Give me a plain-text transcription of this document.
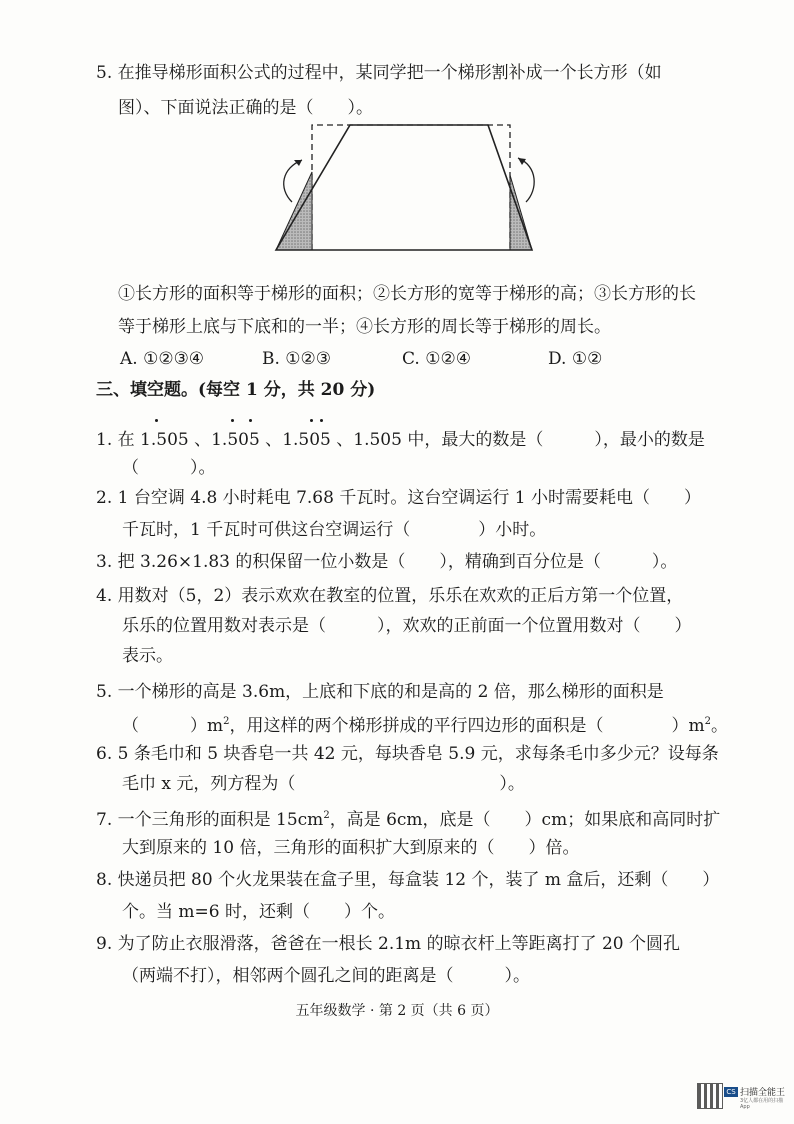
5. 在推导梯形面积公式的过程中，某同学把一个梯形割补成一个长方形（如
图）、下面说法正确的是（　　）。
①长方形的面积等于梯形的面积；②长方形的宽等于梯形的高；③长方形的长
等于梯形上底与下底和的一半；④长方形的周长等于梯形的周长。
A. ①②③④	B. ①②③	C. ①②④	D. ①②
三、填空题。(每空 1 分，共 20 分)
1. 在 1.505
、1.505
、1.505
、1.505 中，最大的数是（　　　），最小的数是
（　　　）。
2. 1 台空调 4.8 小时耗电 7.68 千瓦时。这台空调运行 1 小时需要耗电（　　）
千瓦时，1 千瓦时可供这台空调运行（　　　　）小时。
3. 把 3.26×1.83 的积保留一位小数是（　　），精确到百分位是（　　　）。
4. 用数对（5，2）表示欢欢在教室的位置，乐乐在欢欢的正后方第一个位置，
乐乐的位置用数对表示是（　　　），欢欢的正前面一个位置用数对（　　）
表示。
5. 一个梯形的高是 3.6m，上底和下底的和是高的 2 倍，那么梯形的面积是
（　　　）$m^2$，用这样的两个梯形拼成的平行四边形的面积是（　　　　）$m^2$。
6. 5 条毛巾和 5 块香皂一共 42 元，每块香皂 5.9 元，求每条毛巾多少元？设每条
毛巾 x 元，列方程为（　　　　　　　　　　　　）。
7. 一个三角形的面积是 $15cm^2$，高是 6cm，底是（　　）cm；如果底和高同时扩
大到原来的 10 倍，三角形的面积扩大到原来的（　　）倍。
8. 快递员把 80 个火龙果装在盒子里，每盒装 12 个，装了 m 盒后，还剩（　　）
个。当 m=6 时，还剩（　　）个。
9. 为了防止衣服滑落，爸爸在一根长 2.1m 的晾衣杆上等距离打了 20 个圆孔
（两端不打），相邻两个圆孔之间的距离是（　　　）。
五年级数学 · 第 2 页（共 6 页）
CS 扫描全能王
3亿人都在用的扫描App
